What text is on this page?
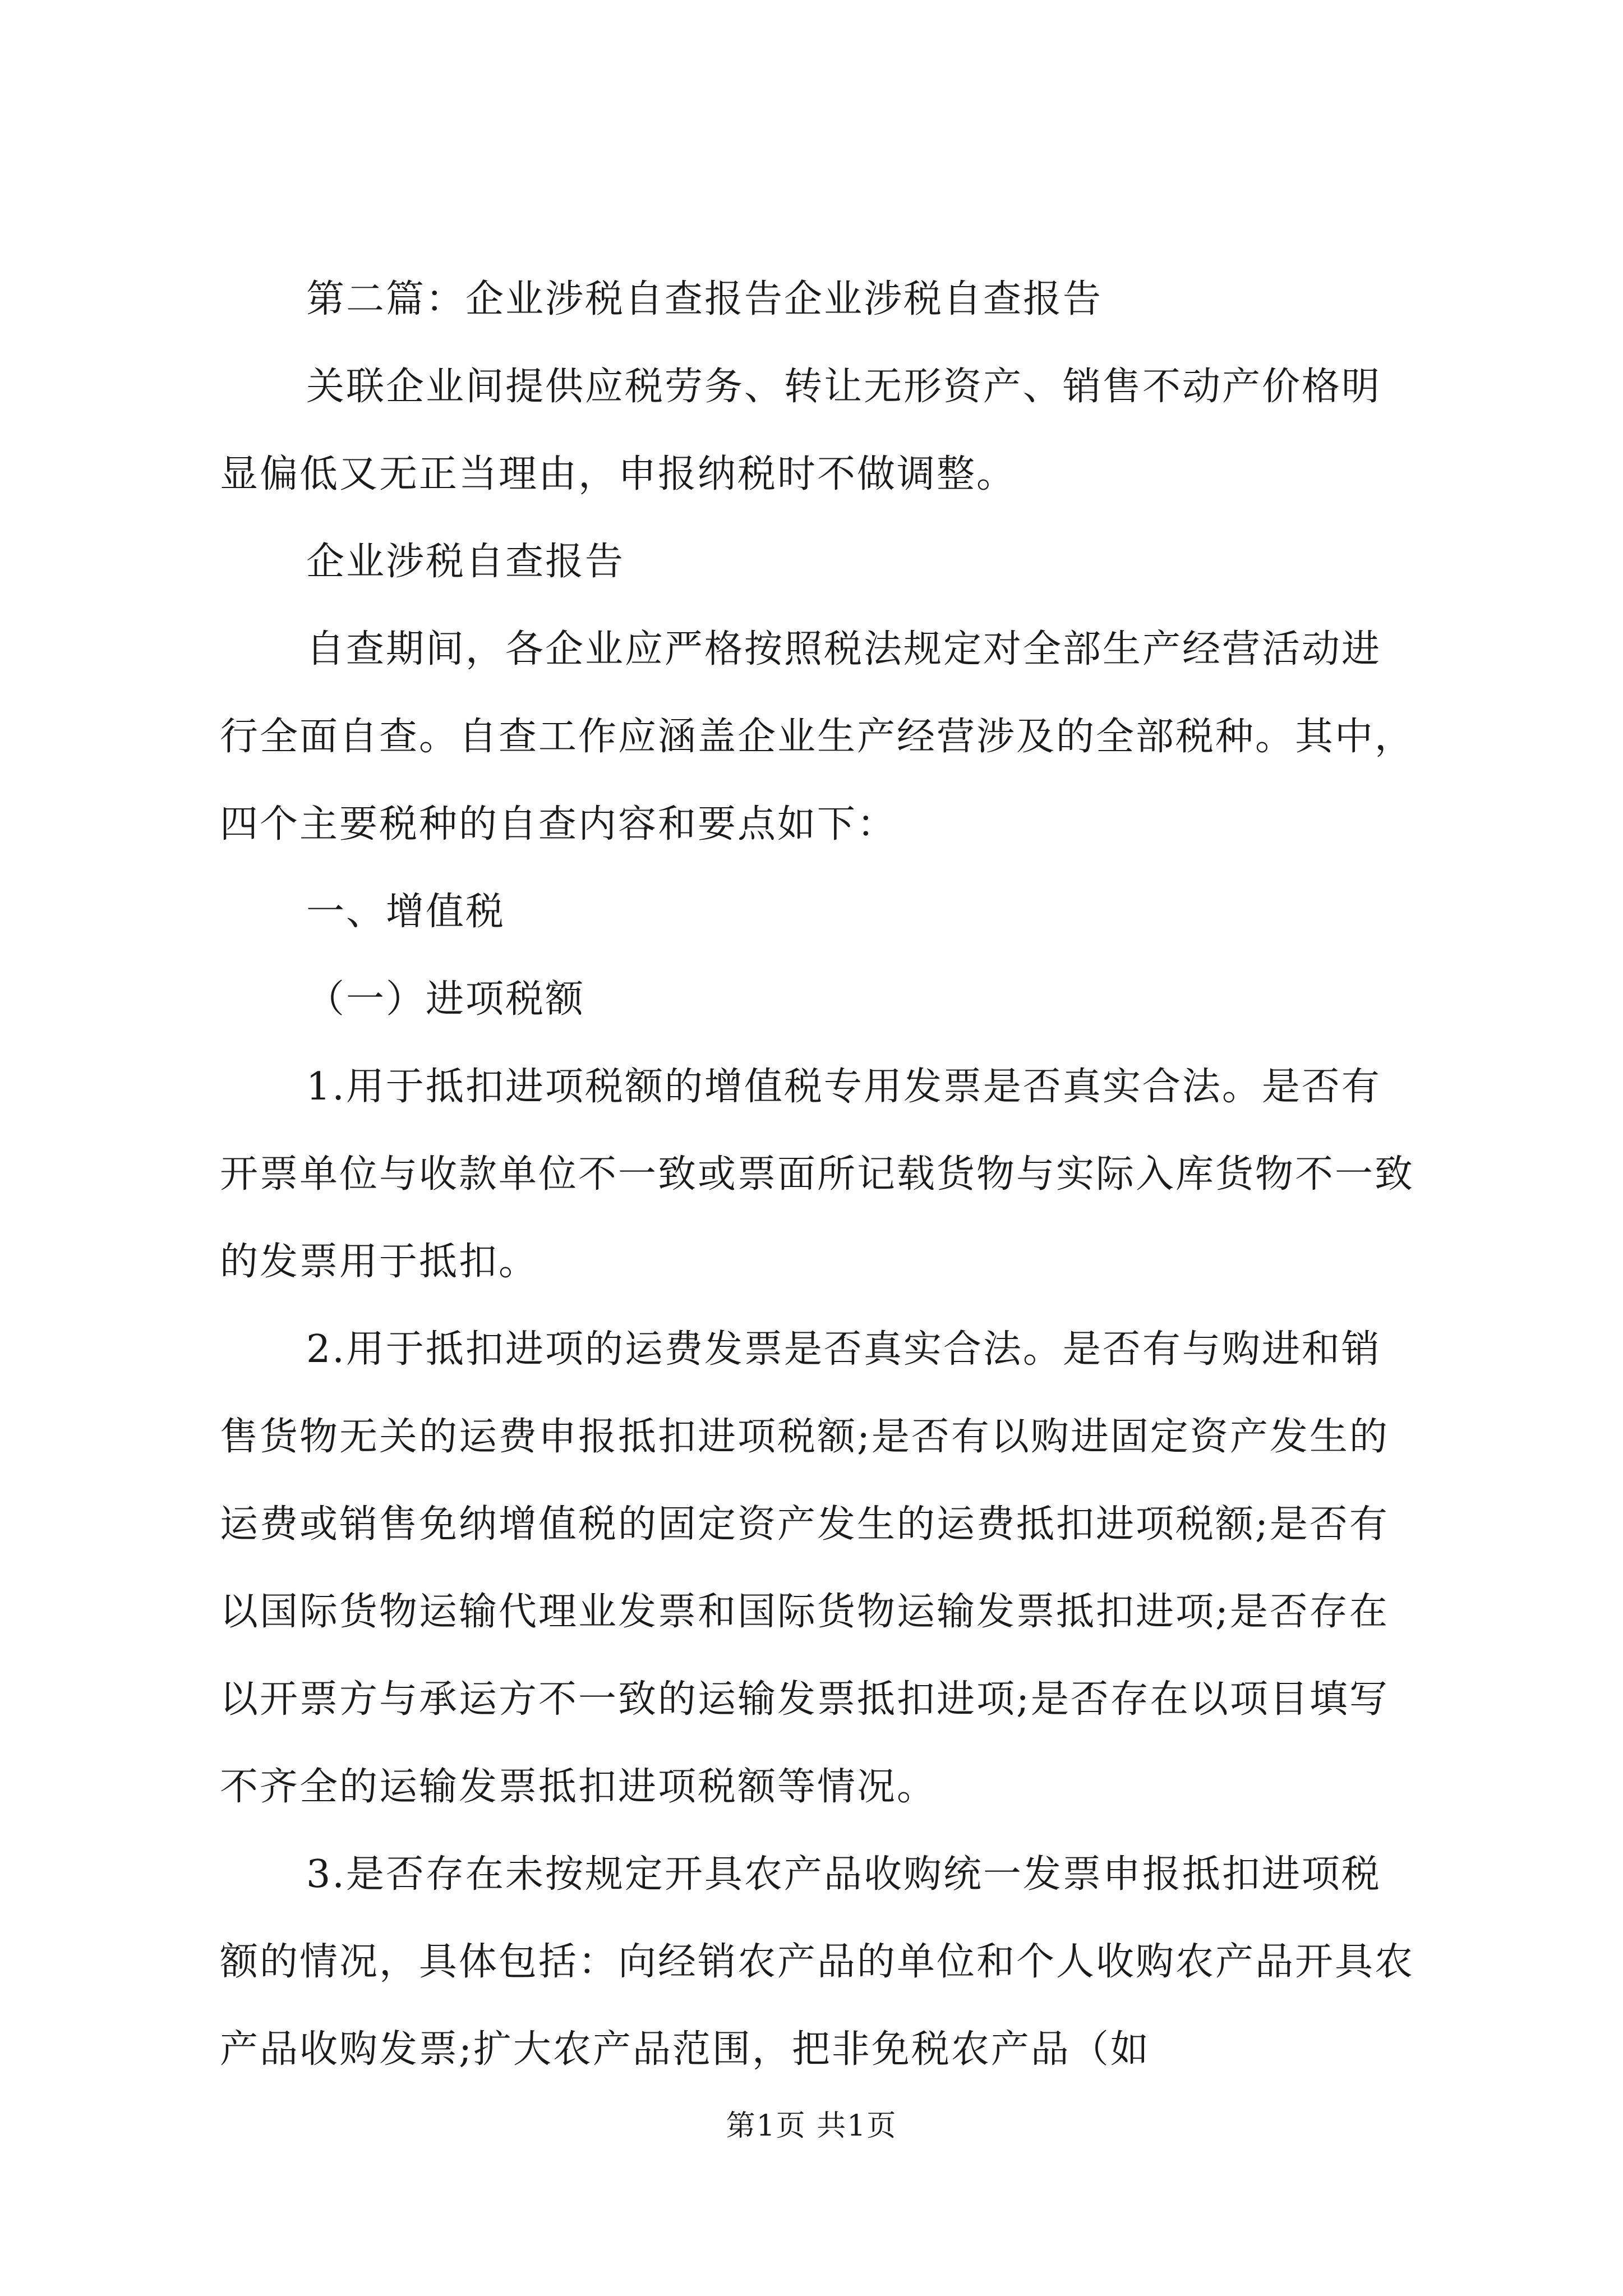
第二篇：企业涉税自查报告企业涉税自查报告

关联企业间提供应税劳务、转让无形资产、销售不动产价格明显偏低又无正当理由，申报纳税时不做调整。

企业涉税自查报告

自查期间，各企业应严格按照税法规定对全部生产经营活动进行全面自查。自查工作应涵盖企业生产经营涉及的全部税种。其中，四个主要税种的自查内容和要点如下：

一、增值税

（一）进项税额

1.用于抵扣进项税额的增值税专用发票是否真实合法。是否有开票单位与收款单位不一致或票面所记载货物与实际入库货物不一致的发票用于抵扣。

2.用于抵扣进项的运费发票是否真实合法。是否有与购进和销售货物无关的运费申报抵扣进项税额;是否有以购进固定资产发生的运费或销售免纳增值税的固定资产发生的运费抵扣进项税额;是否有以国际货物运输代理业发票和国际货物运输发票抵扣进项;是否存在以开票方与承运方不一致的运输发票抵扣进项;是否存在以项目填写不齐全的运输发票抵扣进项税额等情况。

3.是否存在未按规定开具农产品收购统一发票申报抵扣进项税额的情况，具体包括：向经销农产品的单位和个人收购农产品开具农产品收购发票;扩大农产品范围，把非免税农产品（如

第1页 共1页
